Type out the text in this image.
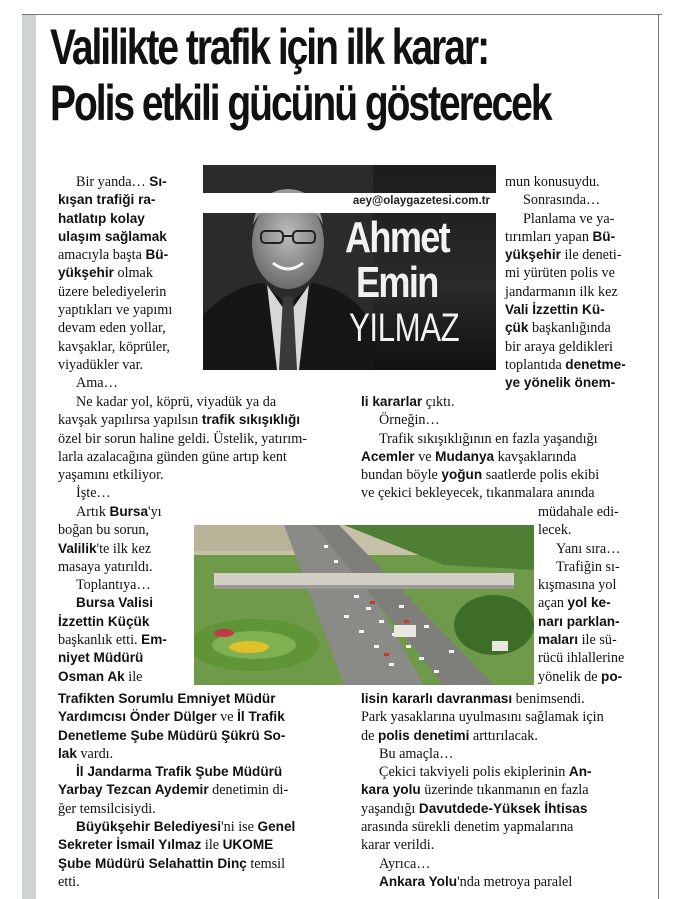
Valilikte trafik için ilk karar:
Polis etkili gücünü gösterecek
aey@olaygazetesi.com.tr
Ahmet
Emin
YILMAZ
Bir yanda… Sı-
kışan trafiği ra-
hatlatıp kolay
ulaşım sağlamak
amacıyla başta Bü-
yükşehir olmak
üzere belediyelerin
yaptıkları ve yapımı
devam eden yollar,
kavşaklar, köprüler,
viyadükler var.
Ama…
Ne kadar yol, köprü, viyadük ya da
kavşak yapılırsa yapılsın trafik sıkışıklığı
özel bir sorun haline geldi. Üstelik, yatırım-
larla azalacağına günden güne artıp kent
yaşamını etkiliyor.
İşte…
Artık Bursa'yı
boğan bu sorun,
Valilik'te ilk kez
masaya yatırıldı.
Toplantıya…
Bursa Valisi
İzzettin Küçük
başkanlık etti. Em-
niyet Müdürü
Osman Ak ile
Trafikten Sorumlu Emniyet Müdür
Yardımcısı Önder Dülger ve İl Trafik
Denetleme Şube Müdürü Şükrü So-
lak vardı.
İl Jandarma Trafik Şube Müdürü
Yarbay Tezcan Aydemir denetimin di-
ğer temsilcisiydi.
Büyükşehir Belediyesi'ni ise Genel
Sekreter İsmail Yılmaz ile UKOME
Şube Müdürü Selahattin Dinç temsil
etti.
mun konusuydu.
Sonrasında…
Planlama ve ya-
tırımları yapan Bü-
yükşehir ile deneti-
mi yürüten polis ve
jandarmanın ilk kez
Vali İzzettin Kü-
çük başkanlığında
bir araya geldikleri
toplantıda denetme-
ye yönelik önem-
li kararlar çıktı.
Örneğin…
Trafik sıkışıklığının en fazla yaşandığı
Acemler ve Mudanya kavşaklarında
bundan böyle yoğun saatlerde polis ekibi
ve çekici bekleyecek, tıkanmalara anında
müdahale edi-
lecek.
Yanı sıra…
Trafiğin sı-
kışmasına yol
açan yol ke-
narı parklan-
maları ile sü-
rücü ihlallerine
yönelik de po-
lisin kararlı davranması benimsendi.
Park yasaklarına uyulmasını sağlamak için
de polis denetimi arttırılacak.
Bu amaçla…
Çekici takviyeli polis ekiplerinin An-
kara yolu üzerinde tıkanmanın en fazla
yaşandığı Davutdede-Yüksek İhtisas
arasında sürekli denetim yapmalarına
karar verildi.
Ayrıca…
Ankara Yolu'nda metroya paralel
